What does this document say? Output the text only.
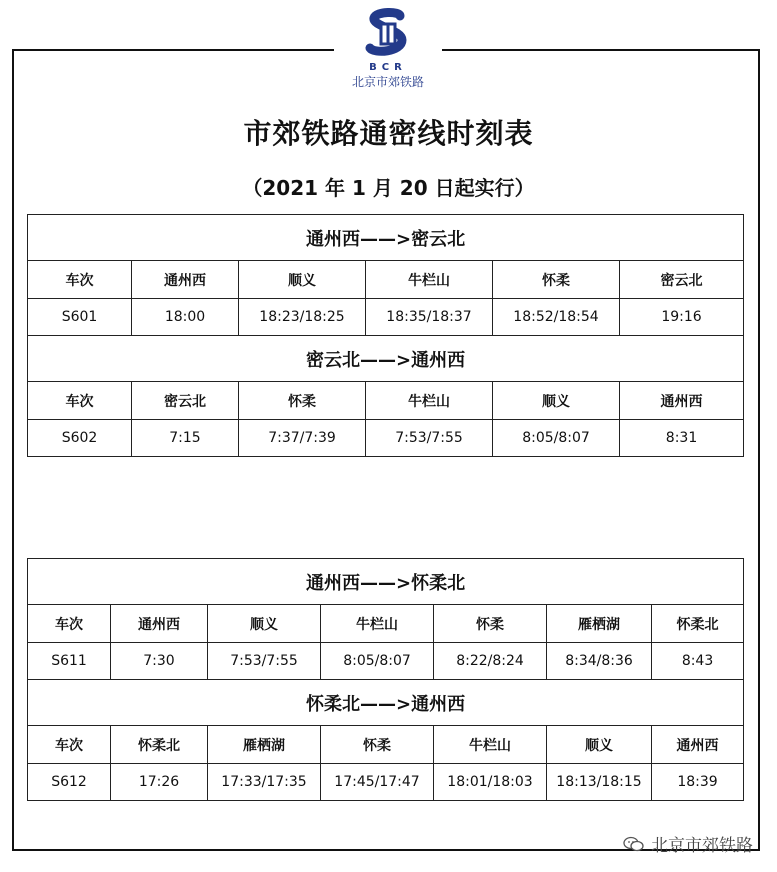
BCR
北京市郊铁路
市郊铁路通密线时刻表
（2021 年 1 月 20 日起实行）
通州西——>密云北					
车次	通州西	顺义	牛栏山	怀柔	密云北
S601	18:00	18:23/18:25	18:35/18:37	18:52/18:54	19:16
密云北——>通州西					
车次	密云北	怀柔	牛栏山	顺义	通州西
S602	7:15	7:37/7:39	7:53/7:55	8:05/8:07	8:31
通州西——>怀柔北						
车次	通州西	顺义	牛栏山	怀柔	雁栖湖	怀柔北
S611	7:30	7:53/7:55	8:05/8:07	8:22/8:24	8:34/8:36	8:43
怀柔北——>通州西						
车次	怀柔北	雁栖湖	怀柔	牛栏山	顺义	通州西
S612	17:26	17:33/17:35	17:45/17:47	18:01/18:03	18:13/18:15	18:39
北京市郊铁路
